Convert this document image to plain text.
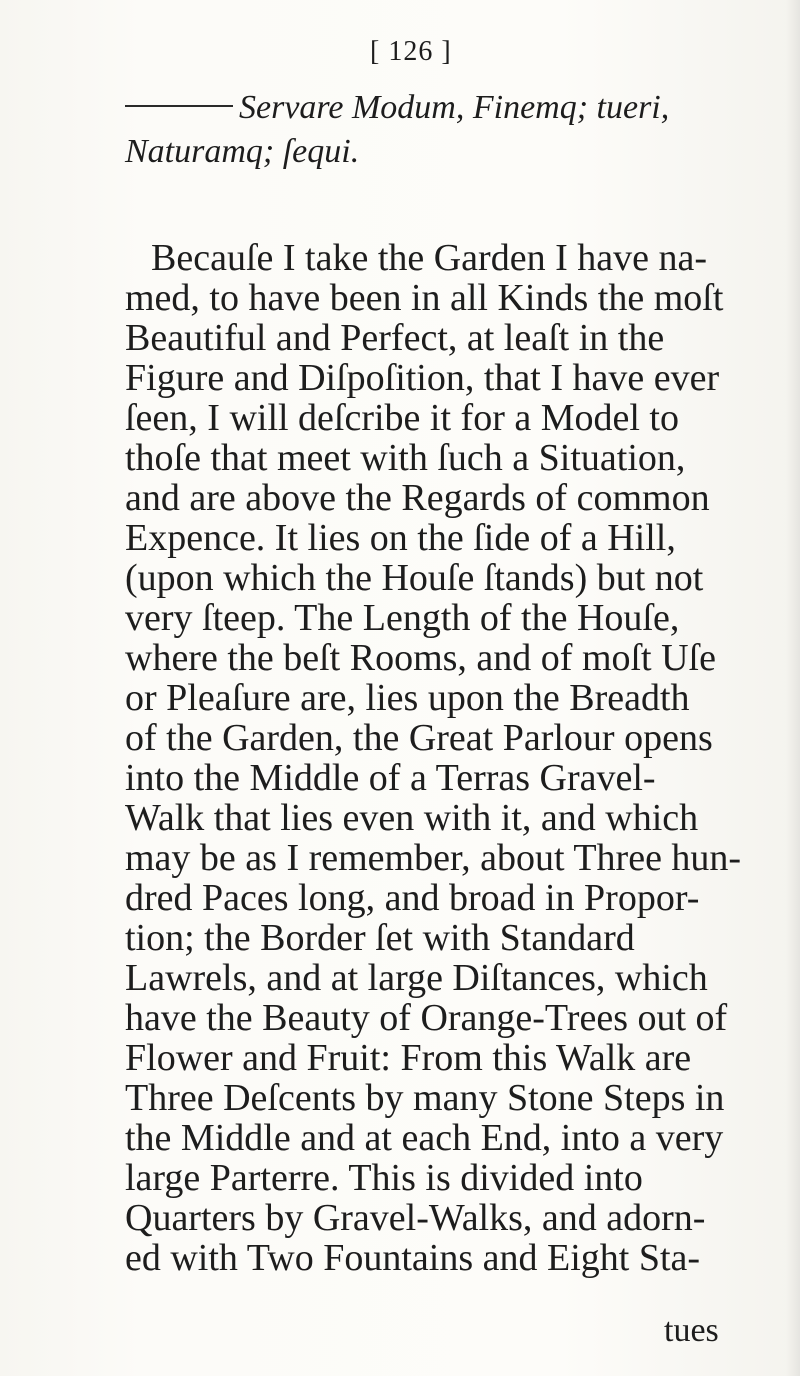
[ 126 ]
Servare Modum, Finemq; tueri,
Naturamq; ſequi.
Becauſe I take the Garden I have na-
med, to have been in all Kinds the moſt
Beautiful and Perfect, at leaſt in the
Figure and Diſpoſition, that I have ever
ſeen, I will deſcribe it for a Model to
thoſe that meet with ſuch a Situation,
and are above the Regards of common
Expence. It lies on the ſide of a Hill,
(upon which the Houſe ſtands) but not
very ſteep. The Length of the Houſe,
where the beſt Rooms, and of moſt Uſe
or Pleaſure are, lies upon the Breadth
of the Garden, the Great Parlour opens
into the Middle of a Terras Gravel-
Walk that lies even with it, and which
may be as I remember, about Three hun-
dred Paces long, and broad in Propor-
tion; the Border ſet with Standard
Lawrels, and at large Diſtances, which
have the Beauty of Orange-Trees out of
Flower and Fruit: From this Walk are
Three Deſcents by many Stone Steps in
the Middle and at each End, into a very
large Parterre. This is divided into
Quarters by Gravel-Walks, and adorn-
ed with Two Fountains and Eight Sta-
tues
